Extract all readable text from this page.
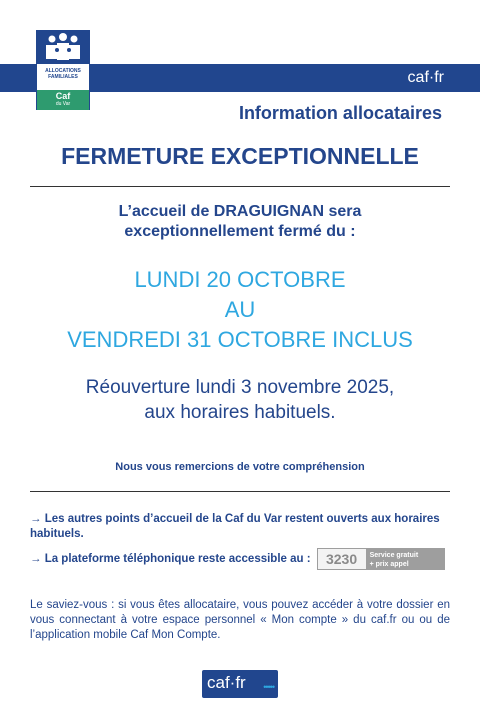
caf·fr
ALLOCATIONS
FAMILIALES
Caf
du Var	Information allocataires
FERMETURE EXCEPTIONNELLE
L’accueil de DRAGUIGNAN sera
exceptionnellement fermé du :
LUNDI 20 OCTOBRE
AU
VENDREDI 31 OCTOBRE INCLUS
Réouverture lundi 3 novembre 2025,
aux horaires habituels.
Nous vous remercions de votre compréhension
→ Les autres points d’accueil de la Caf du Var restent ouverts aux horaires habituels.
→ La plateforme téléphonique reste accessible au :	3230	Service gratuit
+ prix appel
Le saviez-vous : si vous êtes allocataire, vous pouvez accéder à votre dossier en vous connectant à votre espace personnel « Mon compte » du caf.fr ou ou de l’application mobile Caf Mon Compte.
caf·fr •••••
